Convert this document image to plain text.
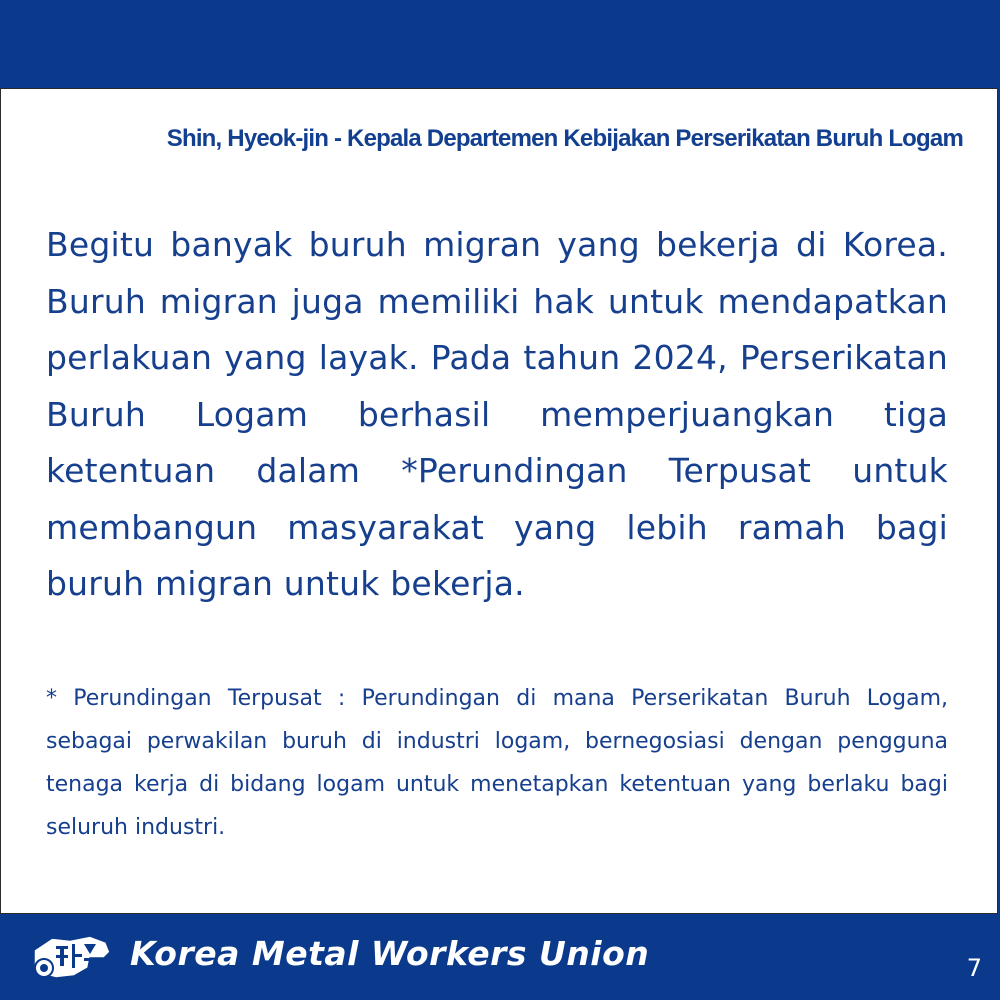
Shin, Hyeok-jin - Kepala Departemen Kebijakan Perserikatan Buruh Logam

Begitu banyak buruh migran yang bekerja di Korea. Buruh migran juga memiliki hak untuk mendapatkan perlakuan yang layak. Pada tahun 2024, Perserikatan Buruh Logam berhasil memperjuangkan tiga ketentuan dalam *Perundingan Terpusat untuk membangun masyarakat yang lebih ramah bagi buruh migran untuk bekerja.

* Perundingan Terpusat : Perundingan di mana Perserikatan Buruh Logam, sebagai perwakilan buruh di industri logam, bernegosiasi dengan pengguna tenaga kerja di bidang logam untuk menetapkan ketentuan yang berlaku bagi seluruh industri.

Korea Metal Workers Union	7
